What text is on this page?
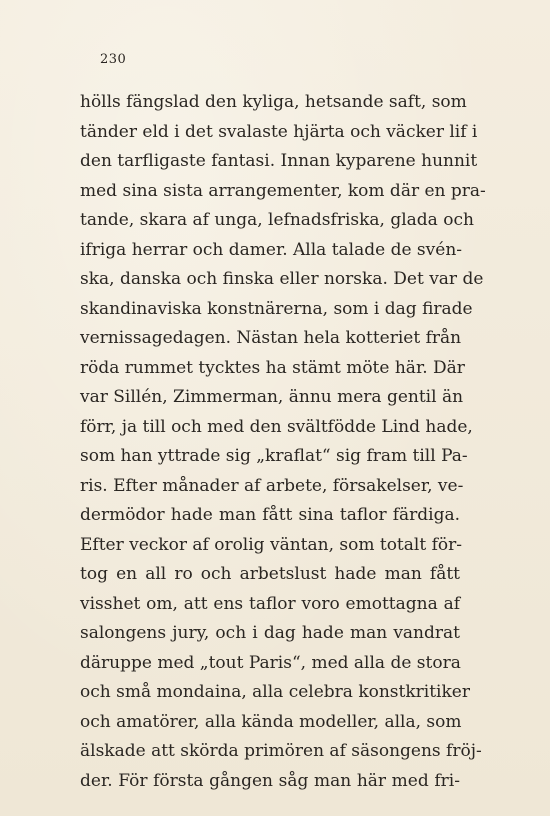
230
hölls fängslad den kyliga, hetsande saft, som
tänder eld i det svalaste hjärta och väcker lif i
den tarfligaste fantasi. Innan kyparene hunnit
med sina sista arrangementer, kom där en pra-
tande, skara af unga, lefnadsfriska, glada och
ifriga herrar och damer. Alla talade de svén-
ska, danska och finska eller norska. Det var de
skandinaviska konstnärerna, som i dag firade
vernissagedagen. Nästan hela kotteriet från
röda rummet tycktes ha stämt möte här. Där
var Sillén, Zimmerman, ännu mera gentil än
förr, ja till och med den svältfödde Lind hade,
som han yttrade sig „kraflat“ sig fram till Pa-
ris. Efter månader af arbete, försakelser, ve-
dermödor hade man fått sina taflor färdiga.
Efter veckor af orolig väntan, som totalt för-
tog en all ro och arbetslust hade man fått
visshet om, att ens taflor voro emottagna af
salongens jury, och i dag hade man vandrat
däruppe med „tout Paris“, med alla de stora
och små mondaina, alla celebra konstkritiker
och amatörer, alla kända modeller, alla, som
älskade att skörda primören af säsongens fröj-
der. För första gången såg man här med fri-
